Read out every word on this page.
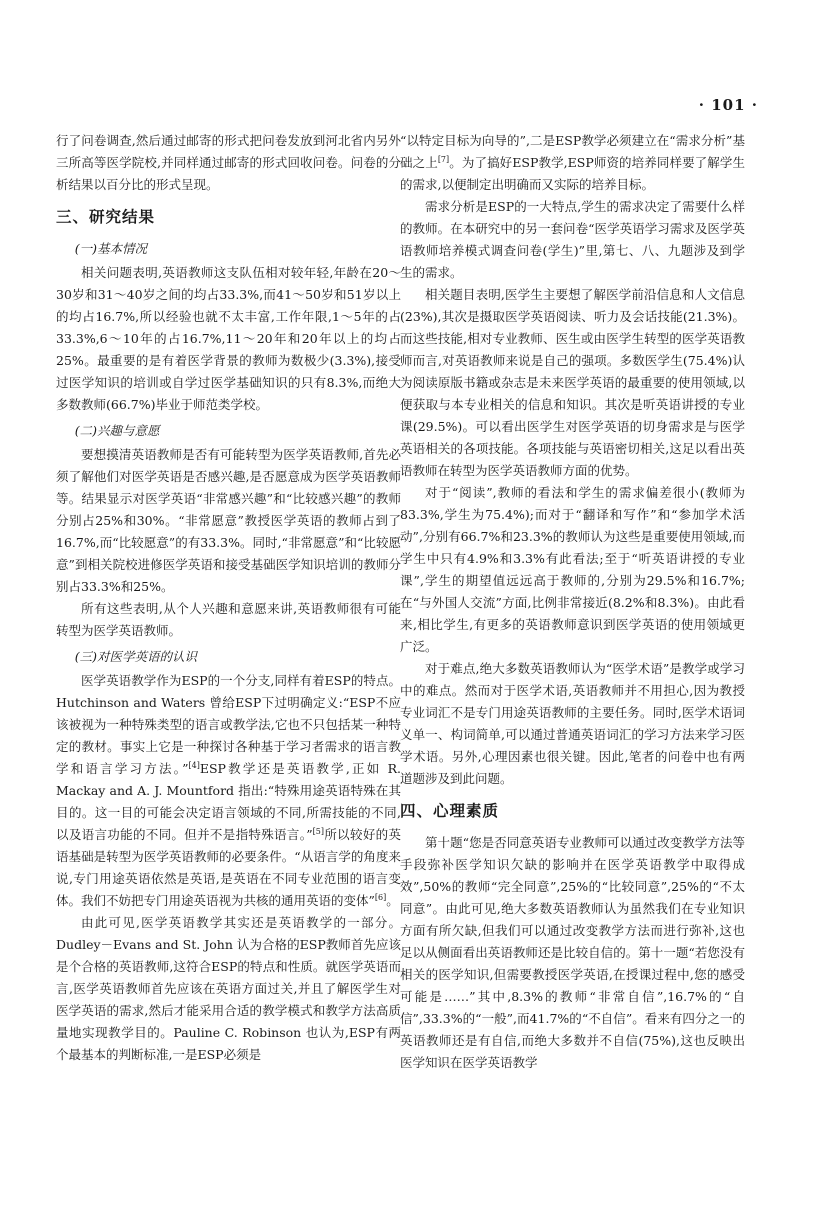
· 101 ·

行了问卷调查,然后通过邮寄的形式把问卷发放到河北省内另外三所高等医学院校,并同样通过邮寄的形式回收问卷。问卷的分析结果以百分比的形式呈现。

三、研究结果
(一)基本情况

相关问题表明,英语教师这支队伍相对较年轻,年龄在20～30岁和31～40岁之间的均占33.3%,而41～50岁和51岁以上的均占16.7%,所以经验也就不太丰富,工作年限,1～5年的占33.3%,6～10年的占16.7%,11～20年和20年以上的均占25%。最重要的是有着医学背景的教师为数极少(3.3%),接受过医学知识的培训或自学过医学基础知识的只有8.3%,而绝大多数教师(66.7%)毕业于师范类学校。

(二)兴趣与意愿

要想摸清英语教师是否有可能转型为医学英语教师,首先必须了解他们对医学英语是否感兴趣,是否愿意成为医学英语教师等。结果显示对医学英语“非常感兴趣”和“比较感兴趣”的教师分别占25%和30%。“非常愿意”教授医学英语的教师占到了16.7%,而“比较愿意”的有33.3%。同时,“非常愿意”和“比较愿意”到相关院校进修医学英语和接受基础医学知识培训的教师分别占33.3%和25%。

所有这些表明,从个人兴趣和意愿来讲,英语教师很有可能转型为医学英语教师。

(三)对医学英语的认识

医学英语教学作为ESP的一个分支,同样有着ESP的特点。Hutchinson and Waters 曾给ESP下过明确定义:“ESP不应该被视为一种特殊类型的语言或教学法,它也不只包括某一种特定的教材。事实上它是一种探讨各种基于学习者需求的语言教学和语言学习方法。”[4]ESP教学还是英语教学,正如 R. Mackay and A. J. Mountford 指出:“特殊用途英语特殊在其目的。这一目的可能会决定语言领域的不同,所需技能的不同,以及语言功能的不同。但并不是指特殊语言。”[5]所以较好的英语基础是转型为医学英语教师的必要条件。“从语言学的角度来说,专门用途英语依然是英语,是英语在不同专业范围的语言变体。我们不妨把专门用途英语视为共核的通用英语的变体”[6]。

由此可见,医学英语教学其实还是英语教学的一部分。Dudley－Evans and St. John 认为合格的ESP教师首先应该是个合格的英语教师,这符合ESP的特点和性质。就医学英语而言,医学英语教师首先应该在英语方面过关,并且了解医学生对医学英语的需求,然后才能采用合适的教学模式和教学方法高质量地实现教学目的。Pauline C. Robinson 也认为,ESP有两个最基本的判断标准,一是ESP必须是

“以特定目标为向导的”,二是ESP教学必须建立在“需求分析”基础之上[7]。为了搞好ESP教学,ESP师资的培养同样要了解学生的需求,以便制定出明确而又实际的培养目标。

需求分析是ESP的一大特点,学生的需求决定了需要什么样的教师。在本研究中的另一套问卷“医学英语学习需求及医学英语教师培养模式调查问卷(学生)”里,第七、八、九题涉及到学生的需求。

相关题目表明,医学生主要想了解医学前沿信息和人文信息(23%),其次是摄取医学英语阅读、听力及会话技能(21.3%)。而这些技能,相对专业教师、医生或由医学生转型的医学英语教师而言,对英语教师来说是自己的强项。多数医学生(75.4%)认为阅读原版书籍或杂志是未来医学英语的最重要的使用领域,以便获取与本专业相关的信息和知识。其次是听英语讲授的专业课(29.5%)。可以看出医学生对医学英语的切身需求是与医学英语相关的各项技能。各项技能与英语密切相关,这足以看出英语教师在转型为医学英语教师方面的优势。

对于“阅读”,教师的看法和学生的需求偏差很小(教师为83.3%,学生为75.4%);而对于“翻译和写作”和“参加学术活动”,分别有66.7%和23.3%的教师认为这些是重要使用领域,而学生中只有4.9%和3.3%有此看法;至于“听英语讲授的专业课”,学生的期望值远远高于教师的,分别为29.5%和16.7%;在“与外国人交流”方面,比例非常接近(8.2%和8.3%)。由此看来,相比学生,有更多的英语教师意识到医学英语的使用领域更广泛。

对于难点,绝大多数英语教师认为“医学术语”是教学或学习中的难点。然而对于医学术语,英语教师并不用担心,因为教授专业词汇不是专门用途英语教师的主要任务。同时,医学术语词义单一、构词简单,可以通过普通英语词汇的学习方法来学习医学术语。另外,心理因素也很关键。因此,笔者的问卷中也有两道题涉及到此问题。

四、心理素质

第十题“您是否同意英语专业教师可以通过改变教学方法等手段弥补医学知识欠缺的影响并在医学英语教学中取得成效”,50%的教师“完全同意”,25%的“比较同意”,25%的“不太同意”。由此可见,绝大多数英语教师认为虽然我们在专业知识方面有所欠缺,但我们可以通过改变教学方法而进行弥补,这也足以从侧面看出英语教师还是比较自信的。第十一题“若您没有相关的医学知识,但需要教授医学英语,在授课过程中,您的感受可能是……”其中,8.3%的教师“非常自信”,16.7%的“自信”,33.3%的“一般”,而41.7%的“不自信”。看来有四分之一的英语教师还是有自信,而绝大多数并不自信(75%),这也反映出医学知识在医学英语教学
